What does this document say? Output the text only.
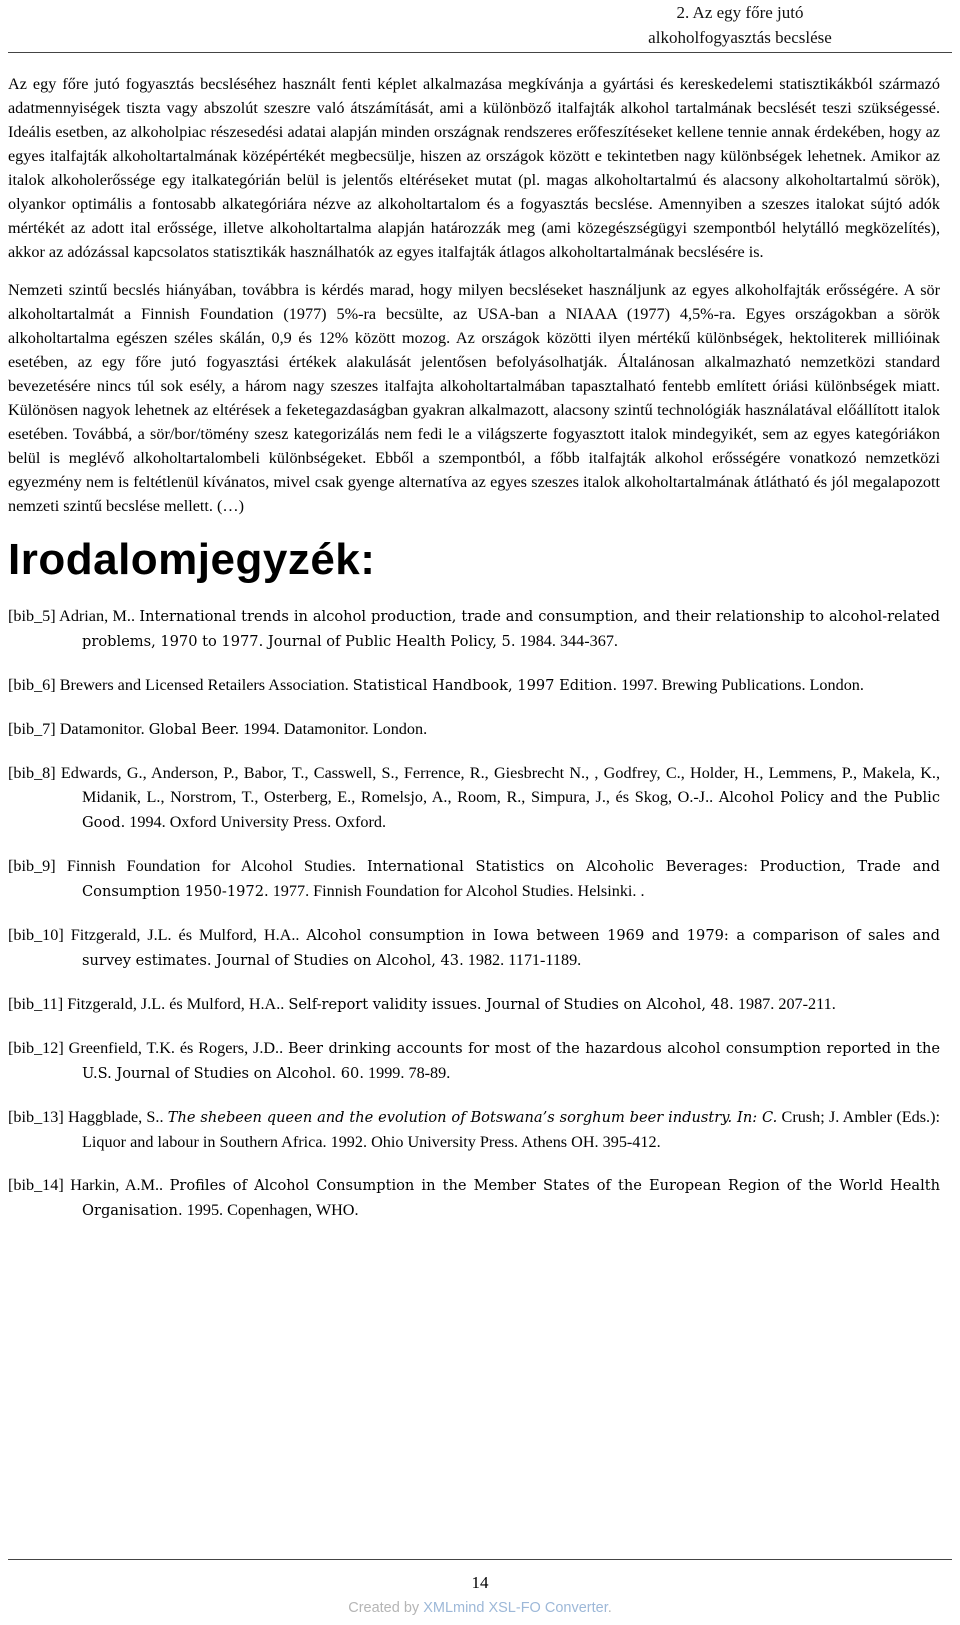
2. Az egy főre jutó
alkoholfogyasztás becslése

Az egy főre jutó fogyasztás becsléséhez használt fenti képlet alkalmazása megkívánja a gyártási és kereskedelemi statisztikákból származó adatmennyiségek tiszta vagy abszolút szeszre való átszámítását, ami a különböző italfajták alkohol tartalmának becslését teszi szükségessé. Ideális esetben, az alkoholpiac részesedési adatai alapján minden országnak rendszeres erőfeszítéseket kellene tennie annak érdekében, hogy az egyes italfajták alkoholtartalmának középértékét megbecsülje, hiszen az országok között e tekintetben nagy különbségek lehetnek. Amikor az italok alkoholerőssége egy italkategórián belül is jelentős eltéréseket mutat (pl. magas alkoholtartalmú és alacsony alkoholtartalmú sörök), olyankor optimális a fontosabb alkategóriára nézve az alkoholtartalom és a fogyasztás becslése. Amennyiben a szeszes italokat sújtó adók mértékét az adott ital erőssége, illetve alkoholtartalma alapján határozzák meg (ami közegészségügyi szempontból helytálló megközelítés), akkor az adózással kapcsolatos statisztikák használhatók az egyes italfajták átlagos alkoholtartalmának becslésére is.

Nemzeti szintű becslés hiányában, továbbra is kérdés marad, hogy milyen becsléseket használjunk az egyes alkoholfajták erősségére. A sör alkoholtartalmát a Finnish Foundation (1977) 5%-ra becsülte, az USA-ban a NIAAA (1977) 4,5%-ra. Egyes országokban a sörök alkoholtartalma egészen széles skálán, 0,9 és 12% között mozog. Az országok közötti ilyen mértékű különbségek, hektoliterek millióinak esetében, az egy főre jutó fogyasztási értékek alakulását jelentősen befolyásolhatják. Általánosan alkalmazható nemzetközi standard bevezetésére nincs túl sok esély, a három nagy szeszes italfajta alkoholtartalmában tapasztalható fentebb említett óriási különbségek miatt. Különösen nagyok lehetnek az eltérések a feketegazdaságban gyakran alkalmazott, alacsony szintű technológiák használatával előállított italok esetében. Továbbá, a sör/bor/tömény szesz kategorizálás nem fedi le a világszerte fogyasztott italok mindegyikét, sem az egyes kategóriákon belül is meglévő alkoholtartalombeli különbségeket. Ebből a szempontból, a főbb italfajták alkohol erősségére vonatkozó nemzetközi egyezmény nem is feltétlenül kívánatos, mivel csak gyenge alternatíva az egyes szeszes italok alkoholtartalmának átlátható és jól megalapozott nemzeti szintű becslése mellett. (…)

Irodalomjegyzék:

[bib_5] Adrian, M.. International trends in alcohol production, trade and consumption, and their relationship to alcohol-related problems, 1970 to 1977. Journal of Public Health Policy, 5. 1984. 344-367.

[bib_6] Brewers and Licensed Retailers Association. Statistical Handbook, 1997 Edition. 1997. Brewing Publications. London.

[bib_7] Datamonitor. Global Beer. 1994. Datamonitor. London.

[bib_8] Edwards, G., Anderson, P., Babor, T., Casswell, S., Ferrence, R., Giesbrecht N., , Godfrey, C., Holder, H., Lemmens, P., Makela, K., Midanik, L., Norstrom, T., Osterberg, E., Romelsjo, A., Room, R., Simpura, J., és Skog, O.-J.. Alcohol Policy and the Public Good. 1994. Oxford University Press. Oxford.

[bib_9] Finnish Foundation for Alcohol Studies. International Statistics on Alcoholic Beverages: Production, Trade and Consumption 1950-1972. 1977. Finnish Foundation for Alcohol Studies. Helsinki. .

[bib_10] Fitzgerald, J.L. és Mulford, H.A.. Alcohol consumption in Iowa between 1969 and 1979: a comparison of sales and survey estimates. Journal of Studies on Alcohol, 43. 1982. 1171-1189.

[bib_11] Fitzgerald, J.L. és Mulford, H.A.. Self-report validity issues. Journal of Studies on Alcohol, 48. 1987. 207-211.

[bib_12] Greenfield, T.K. és Rogers, J.D.. Beer drinking accounts for most of the hazardous alcohol consumption reported in the U.S. Journal of Studies on Alcohol. 60. 1999. 78-89.

[bib_13] Haggblade, S.. The shebeen queen and the evolution of Botswana’s sorghum beer industry. In: C. Crush; J. Ambler (Eds.): Liquor and labour in Southern Africa. 1992. Ohio University Press. Athens OH. 395-412.

[bib_14] Harkin, A.M.. Profiles of Alcohol Consumption in the Member States of the European Region of the World Health Organisation. 1995. Copenhagen, WHO.

14
Created by XMLmind XSL-FO Converter.
